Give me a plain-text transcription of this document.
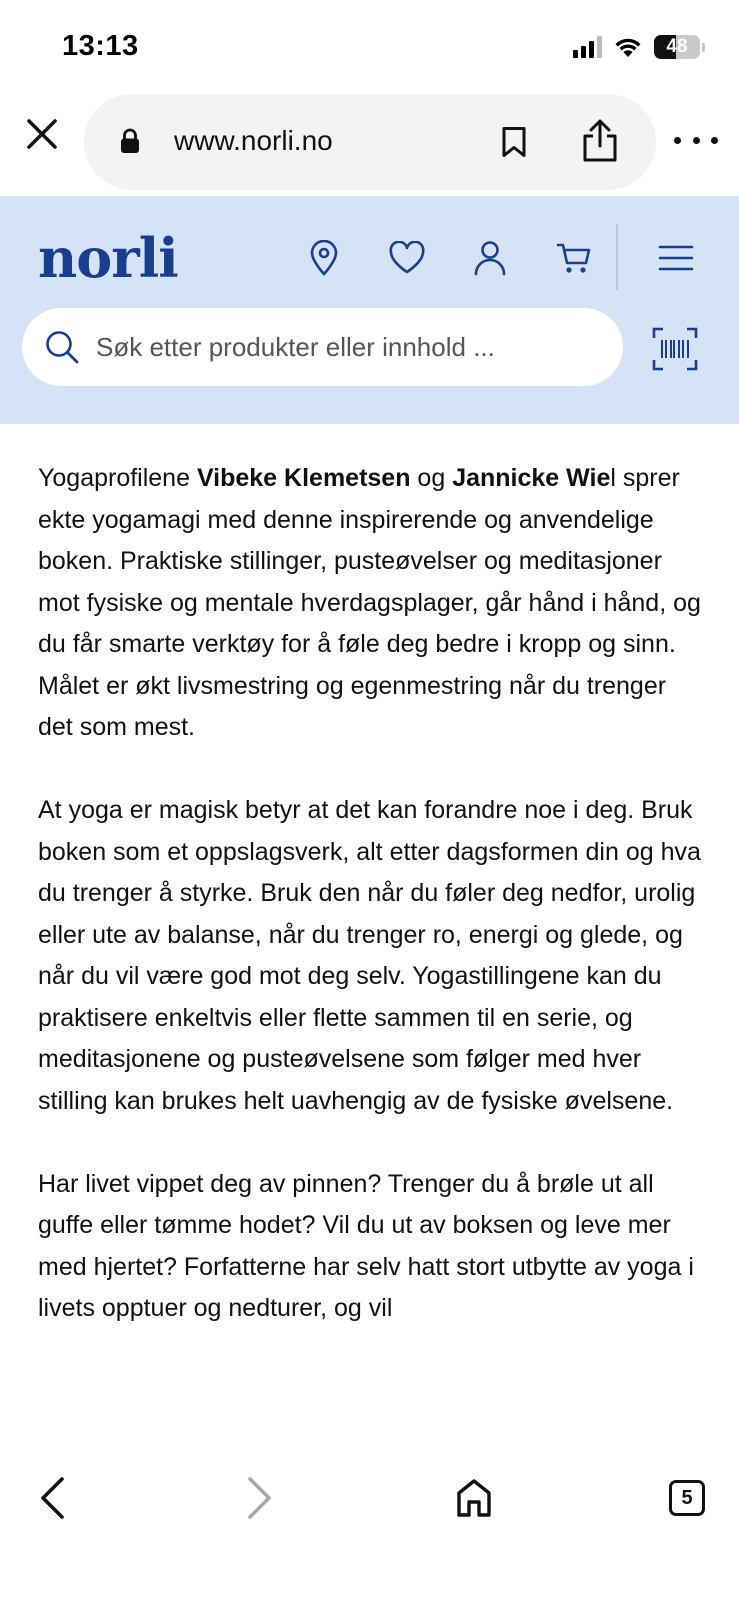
13:13	48
www.norli.no
norli
Søk etter produkter eller innhold ...

Yogaprofilene Vibeke Klemetsen og Jannicke Wiel sprer ekte yogamagi med denne inspirerende og anvendelige boken. Praktiske stillinger, pusteøvelser og meditasjoner mot fysiske og mentale hverdagsplager, går hånd i hånd, og du får smarte verktøy for å føle deg bedre i kropp og sinn. Målet er økt livsmestring og egenmestring når du trenger det som mest.

At yoga er magisk betyr at det kan forandre noe i deg. Bruk boken som et oppslagsverk, alt etter dagsformen din og hva du trenger å styrke. Bruk den når du føler deg nedfor, urolig eller ute av balanse, når du trenger ro, energi og glede, og når du vil være god mot deg selv. Yogastillingene kan du praktisere enkeltvis eller flette sammen til en serie, og meditasjonene og pusteøvelsene som følger med hver stilling kan brukes helt uavhengig av de fysiske øvelsene.

Har livet vippet deg av pinnen? Trenger du å brøle ut all guffe eller tømme hodet? Vil du ut av boksen og leve mer med hjertet? Forfatterne har selv hatt stort utbytte av yoga i livets opptuer og nedturer, og vil

5
